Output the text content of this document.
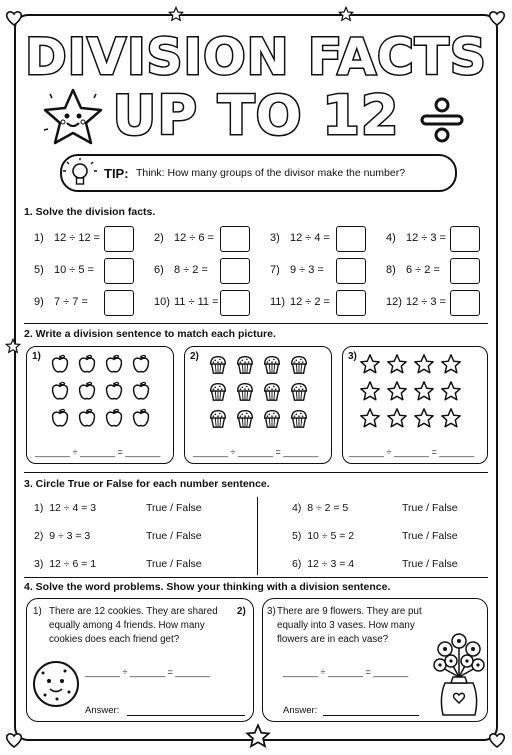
DIVISION FACTS
UP TO 12
TIP: Think: How many groups of the divisor make the number?
1. Solve the division facts.
1) 12 ÷ 12 =	2) 12 ÷ 6 =	3) 12 ÷ 4 =	4) 12 ÷ 3 =
5) 10 ÷ 5 =	6) 8 ÷ 2 =	7) 9 ÷ 3 =	8) 6 ÷ 2 =
9) 7 ÷ 7 =	10) 11 ÷ 11 =	11) 12 ÷ 2 =	12) 12 ÷ 3 =
2. Write a division sentence to match each picture.
1)
_______ ÷ _______ = _______
2)
_______ ÷ _______ = _______
3)
_______ ÷ _______ = _______
3. Circle True or False for each number sentence.
1) 12 ÷ 4 = 3	True / False
2) 9 ÷ 3 = 3	True / False
3) 12 ÷ 6 = 1	True / False
4) 8 ÷ 2 = 5	True / False
5) 10 ÷ 5 = 2	True / False
6) 12 ÷ 3 = 4	True / False
4. Solve the word problems. Show your thinking with a division sentence.
1)	2)
There are 12 cookies. They are shared
equally among 4 friends. How many
cookies does each friend get?
_______ ÷ _______ = _______
Answer:
3) There are 9 flowers. They are put
equally into 3 vases. How many
flowers are in each vase?
_______ ÷ _______ = _______
Answer:
